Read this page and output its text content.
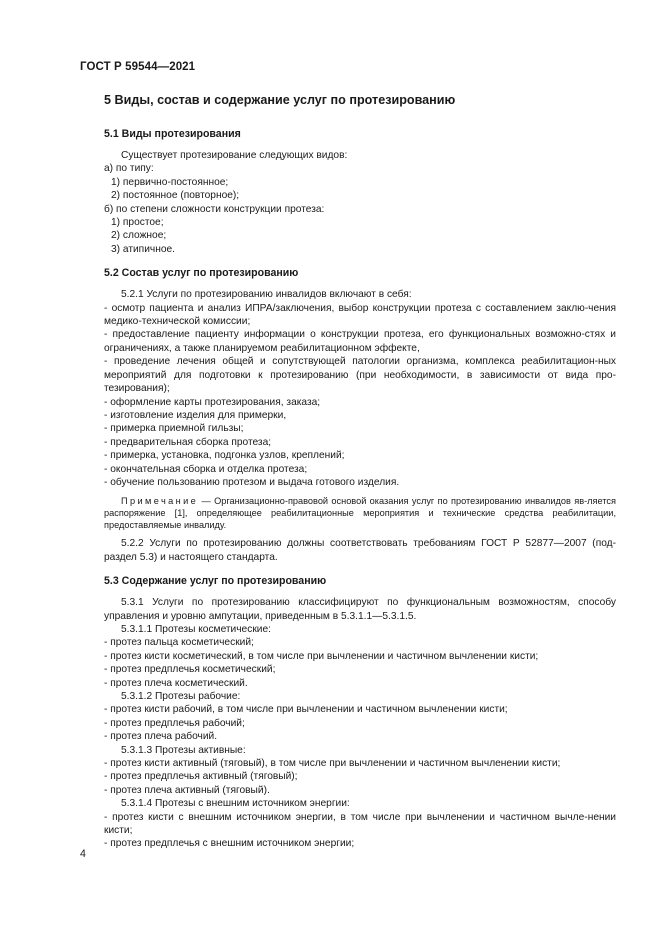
ГОСТ Р 59544—2021
5 Виды, состав и содержание услуг по протезированию
5.1 Виды протезирования

Существует протезирование следующих видов:

а) по типу:

1) первично-постоянное;

2) постоянное (повторное);

б) по степени сложности конструкции протеза:

1) простое;

2) сложное;

3) атипичное.

5.2 Состав услуг по протезированию

5.2.1 Услуги по протезированию инвалидов включают в себя:

- осмотр пациента и анализ ИПРА/заключения, выбор конструкции протеза с составлением заклю-чения медико-технической комиссии;

- предоставление пациенту информации о конструкции протеза, его функциональных возможно-стях и ограничениях, а также планируемом реабилитационном эффекте,

- проведение лечения общей и сопутствующей патологии организма, комплекса реабилитацион-ных мероприятий для подготовки к протезированию (при необходимости, в зависимости от вида про-тезирования);

- оформление карты протезирования, заказа;

- изготовление изделия для примерки,

- примерка приемной гильзы;

- предварительная сборка протеза;

- примерка, установка, подгонка узлов, креплений;

- окончательная сборка и отделка протеза;

- обучение пользованию протезом и выдача готового изделия.

Примечание — Организационно-правовой основой оказания услуг по протезированию инвалидов яв-ляется распоряжение [1], определяющее реабилитационные мероприятия и технические средства реабилитации, предоставляемые инвалиду.

5.2.2 Услуги по протезированию должны соответствовать требованиям ГОСТ Р 52877—2007 (под-раздел 5.3) и настоящего стандарта.

5.3 Содержание услуг по протезированию

5.3.1 Услуги по протезированию классифицируют по функциональным возможностям, способу управления и уровню ампутации, приведенным в 5.3.1.1—5.3.1.5.

5.3.1.1 Протезы косметические:

- протез пальца косметический;

- протез кисти косметический, в том числе при вычленении и частичном вычленении кисти;

- протез предплечья косметический;

- протез плеча косметический.

5.3.1.2 Протезы рабочие:

- протез кисти рабочий, в том числе при вычленении и частичном вычленении кисти;

- протез предплечья рабочий;

- протез плеча рабочий.

5.3.1.3 Протезы активные:

- протез кисти активный (тяговый), в том числе при вычленении и частичном вычленении кисти;

- протез предплечья активный (тяговый);

- протез плеча активный (тяговый).

5.3.1.4 Протезы с внешним источником энергии:

- протез кисти с внешним источником энергии, в том числе при вычленении и частичном вычле-нении кисти;

- протез предплечья с внешним источником энергии;

4
